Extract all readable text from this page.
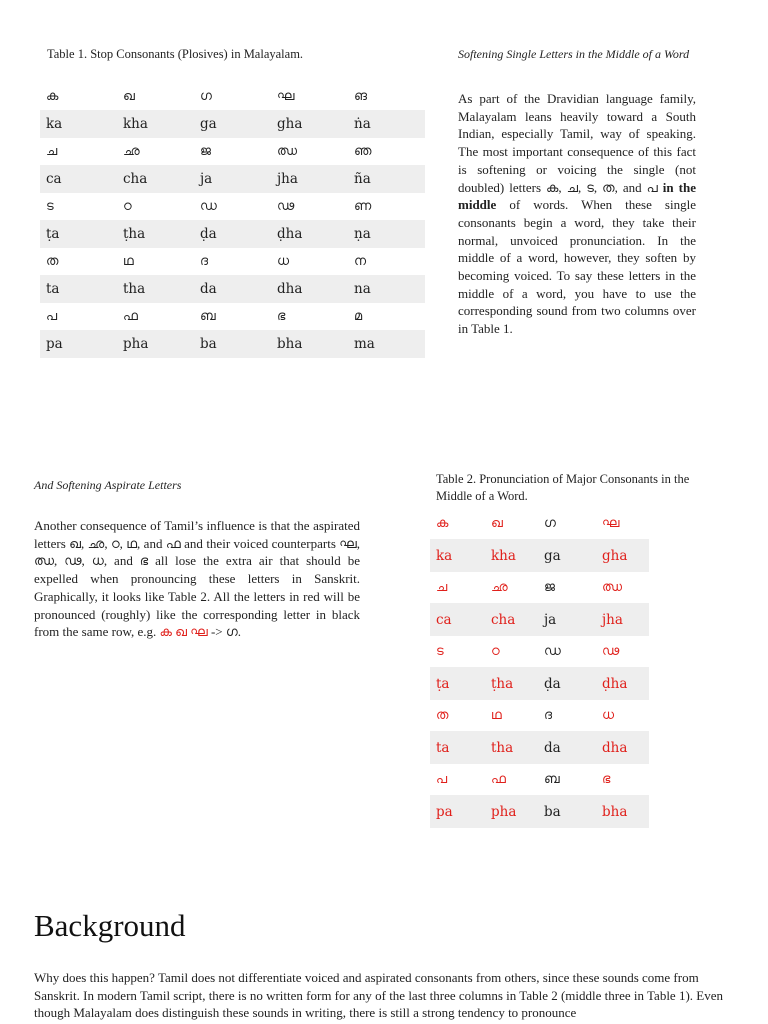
Table 1. Stop Consonants (Plosives) in Malayalam.
ക	ഖ	ഗ	ഘ	ങ
ka	kha	ga	gha	ṅa
ച	ഛ	ജ	ഝ	ഞ
ca	cha	ja	jha	ña
ട	ഠ	ഡ	ഢ	ണ
ṭa	ṭha	ḍa	ḍha	ṇa
ത	ഥ	ദ	ധ	ന
ta	tha	da	dha	na
പ	ഫ	ബ	ഭ	മ
pa	pha	ba	bha	ma
Softening Single Letters in the Middle of a Word
As part of the Dravidian language family, Malayalam leans heavily toward a South Indian, especially Tamil, way of speaking. The most important consequence of this fact is softening or voicing the single (not doubled) letters ക, ച, ട, ത, and പ in the middle of words. When these single consonants begin a word, they take their normal, unvoiced pronunciation. In the middle of a word, however, they soften by becoming voiced. To say these letters in the middle of a word, you have to use the corresponding sound from two columns over in Table 1.
And Softening Aspirate Letters
Another consequence of Tamil’s influence is that the aspirated letters ഖ, ഛ, ഠ, ഥ, and ഫ and their voiced counterparts ഘ, ഝ, ഢ, ധ, and ഭ all lose the extra air that should be expelled when pronouncing these letters in Sanskrit. Graphically, it looks like Table 2. All the letters in red will be pronounced (roughly) like the corresponding letter in black from the same row, e.g. ക ഖ ഘ -> ഗ.
Table 2. Pronunciation of Major Consonants in the Middle of a Word.
ക	ഖ	ഗ	ഘ
ka	kha	ga	gha
ച	ഛ	ജ	ഝ
ca	cha	ja	jha
ട	ഠ	ഡ	ഢ
ṭa	ṭha	ḍa	ḍha
ത	ഥ	ദ	ധ
ta	tha	da	dha
പ	ഫ	ബ	ഭ
pa	pha	ba	bha
Background
Why does this happen? Tamil does not differentiate voiced and aspirated consonants from others, since these sounds come from Sanskrit. In modern Tamil script, there is no written form for any of the last three columns in Table 2 (middle three in Table 1). Even though Malayalam does distinguish these sounds in writing, there is still a strong tendency to pronounce
